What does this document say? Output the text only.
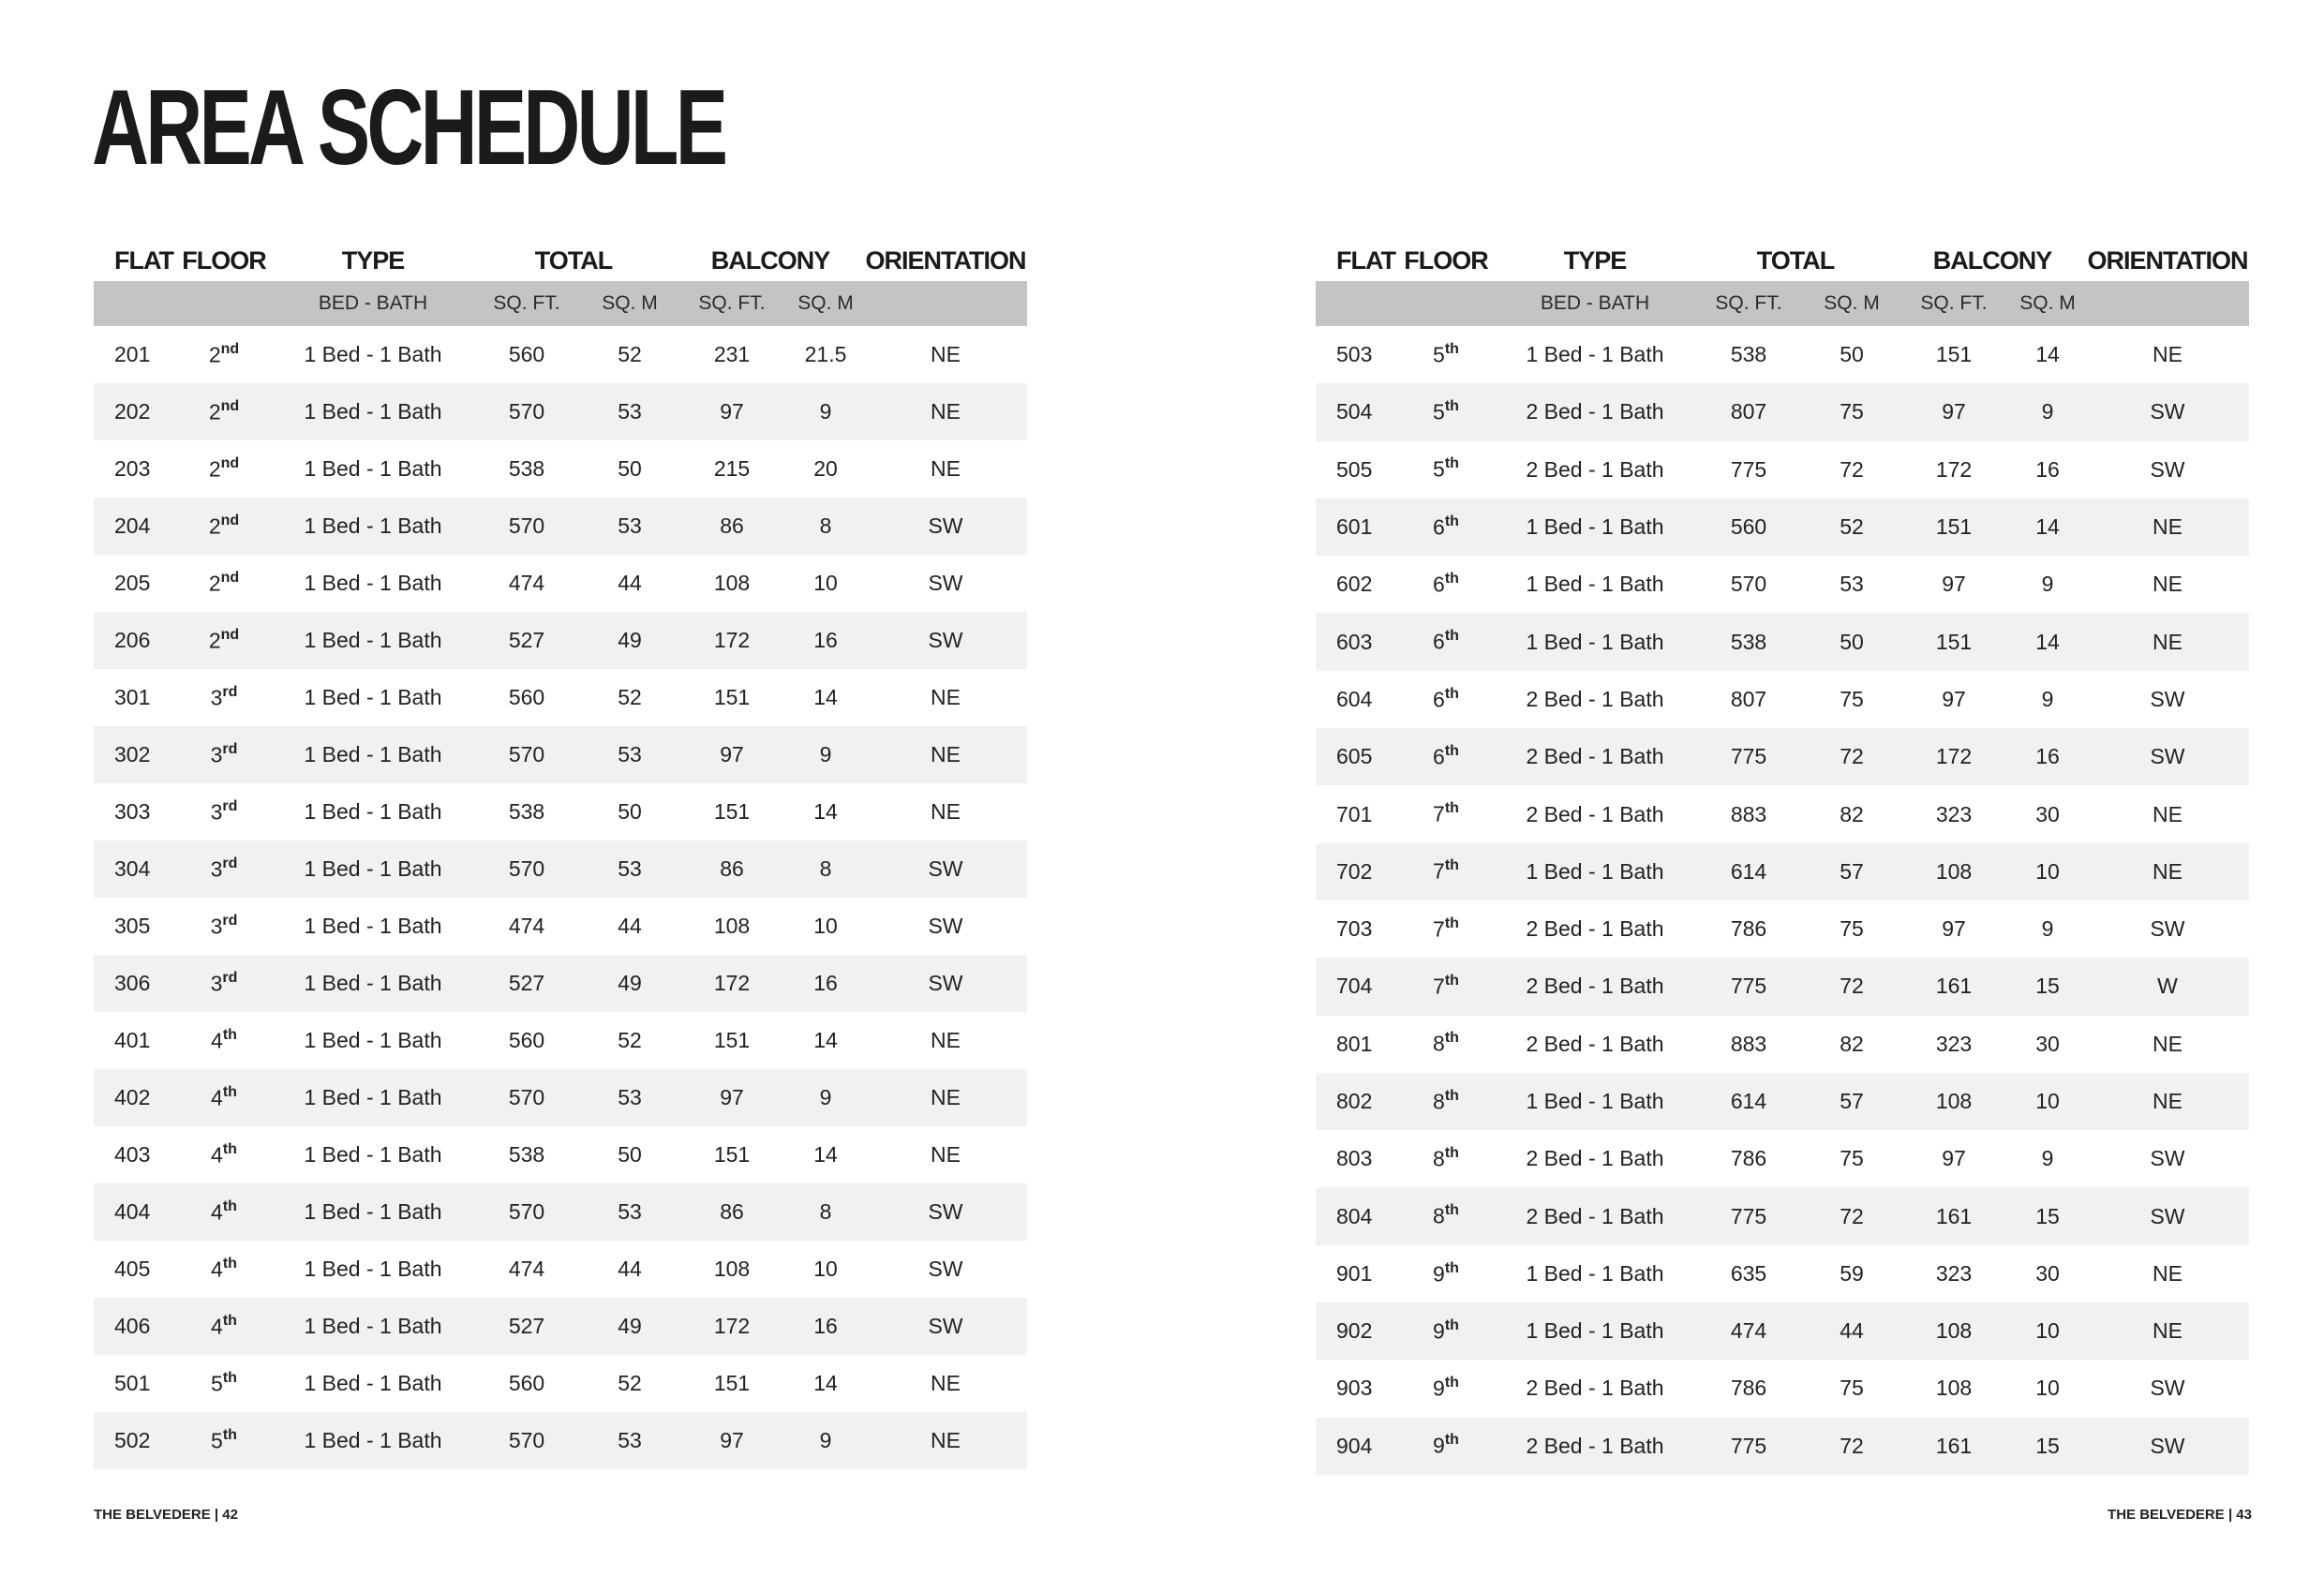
AREA SCHEDULE
FLAT	FLOOR	TYPE	TOTAL		BALCONY		ORIENTATION
		BED - BATH	SQ. FT.	SQ. M	SQ. FT.	SQ. M	
201	2nd	1 Bed - 1 Bath	560	52	231	21.5	NE
202	2nd	1 Bed - 1 Bath	570	53	97	9	NE
203	2nd	1 Bed - 1 Bath	538	50	215	20	NE
204	2nd	1 Bed - 1 Bath	570	53	86	8	SW
205	2nd	1 Bed - 1 Bath	474	44	108	10	SW
206	2nd	1 Bed - 1 Bath	527	49	172	16	SW
301	3rd	1 Bed - 1 Bath	560	52	151	14	NE
302	3rd	1 Bed - 1 Bath	570	53	97	9	NE
303	3rd	1 Bed - 1 Bath	538	50	151	14	NE
304	3rd	1 Bed - 1 Bath	570	53	86	8	SW
305	3rd	1 Bed - 1 Bath	474	44	108	10	SW
306	3rd	1 Bed - 1 Bath	527	49	172	16	SW
401	4th	1 Bed - 1 Bath	560	52	151	14	NE
402	4th	1 Bed - 1 Bath	570	53	97	9	NE
403	4th	1 Bed - 1 Bath	538	50	151	14	NE
404	4th	1 Bed - 1 Bath	570	53	86	8	SW
405	4th	1 Bed - 1 Bath	474	44	108	10	SW
406	4th	1 Bed - 1 Bath	527	49	172	16	SW
501	5th	1 Bed - 1 Bath	560	52	151	14	NE
502	5th	1 Bed - 1 Bath	570	53	97	9	NE
FLAT	FLOOR	TYPE	TOTAL		BALCONY		ORIENTATION
		BED - BATH	SQ. FT.	SQ. M	SQ. FT.	SQ. M	
503	5th	1 Bed - 1 Bath	538	50	151	14	NE
504	5th	2 Bed - 1 Bath	807	75	97	9	SW
505	5th	2 Bed - 1 Bath	775	72	172	16	SW
601	6th	1 Bed - 1 Bath	560	52	151	14	NE
602	6th	1 Bed - 1 Bath	570	53	97	9	NE
603	6th	1 Bed - 1 Bath	538	50	151	14	NE
604	6th	2 Bed - 1 Bath	807	75	97	9	SW
605	6th	2 Bed - 1 Bath	775	72	172	16	SW
701	7th	2 Bed - 1 Bath	883	82	323	30	NE
702	7th	1 Bed - 1 Bath	614	57	108	10	NE
703	7th	2 Bed - 1 Bath	786	75	97	9	SW
704	7th	2 Bed - 1 Bath	775	72	161	15	W
801	8th	2 Bed - 1 Bath	883	82	323	30	NE
802	8th	1 Bed - 1 Bath	614	57	108	10	NE
803	8th	2 Bed - 1 Bath	786	75	97	9	SW
804	8th	2 Bed - 1 Bath	775	72	161	15	SW
901	9th	1 Bed - 1 Bath	635	59	323	30	NE
902	9th	1 Bed - 1 Bath	474	44	108	10	NE
903	9th	2 Bed - 1 Bath	786	75	108	10	SW
904	9th	2 Bed - 1 Bath	775	72	161	15	SW
THE BELVEDERE | 42	THE BELVEDERE | 43
